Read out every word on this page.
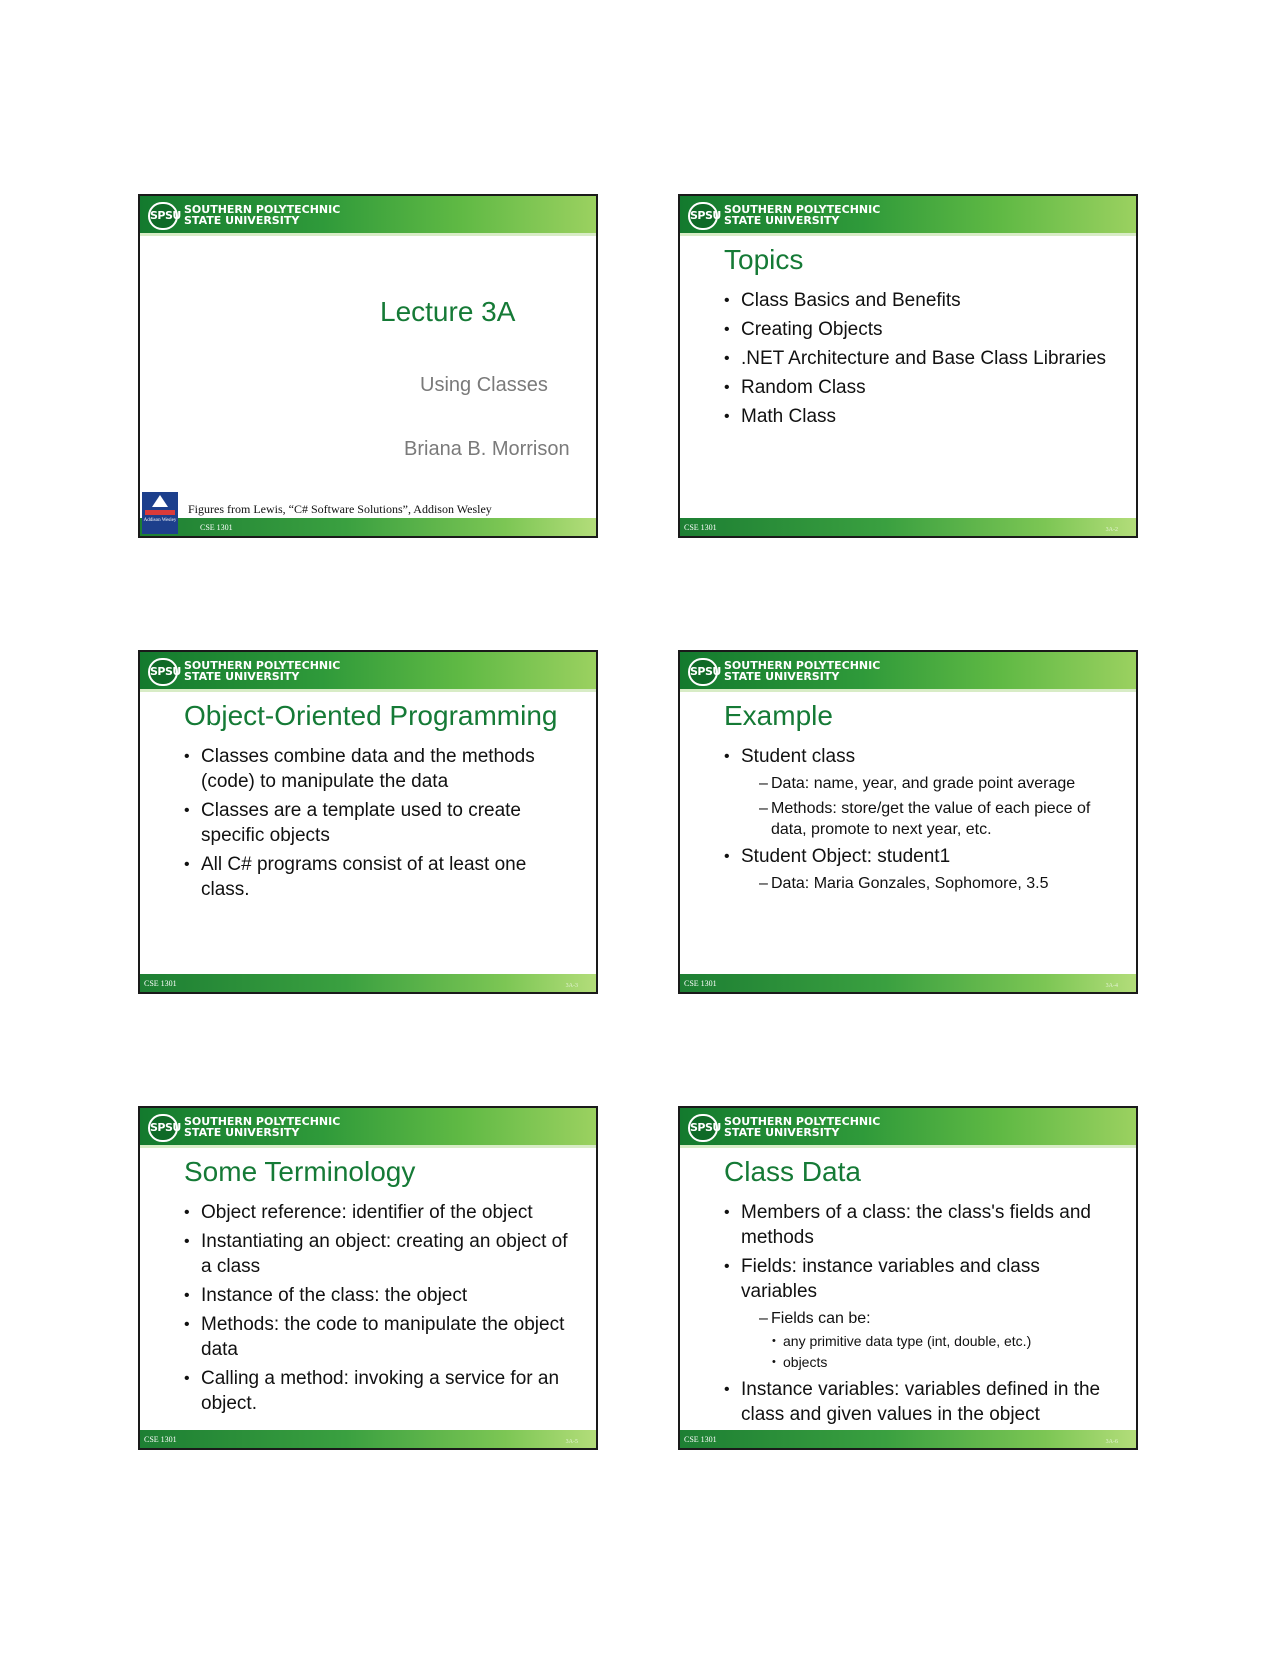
SPSU SOUTHERN POLYTECHNIC
STATE UNIVERSITY
Lecture 3A
Using Classes
Briana B. Morrison
Figures from Lewis, “C# Software Solutions”, Addison Wesley
CSE 1301
Addison Wesley
SPSU SOUTHERN POLYTECHNIC
STATE UNIVERSITY
Topics
• Class Basics and Benefits
• Creating Objects
• .NET Architecture and Base Class Libraries
• Random Class
• Math Class
CSE 1301	3A-2
SPSU SOUTHERN POLYTECHNIC
STATE UNIVERSITY
Object-Oriented Programming
• Classes combine data and the methods (code) to manipulate the data
• Classes are a template used to create specific objects
• All C# programs consist of at least one class.
CSE 1301	3A-3
SPSU SOUTHERN POLYTECHNIC
STATE UNIVERSITY
Example
• Student class
– Data: name, year, and grade point average
– Methods: store/get the value of each piece of data, promote to next year, etc.
• Student Object: student1
– Data: Maria Gonzales, Sophomore, 3.5
CSE 1301	3A-4
SPSU SOUTHERN POLYTECHNIC
STATE UNIVERSITY
Some Terminology
• Object reference: identifier of the object
• Instantiating an object: creating an object of a class
• Instance of the class: the object
• Methods: the code to manipulate the object data
• Calling a method: invoking a service for an object.
CSE 1301	3A-5
SPSU SOUTHERN POLYTECHNIC
STATE UNIVERSITY
Class Data
• Members of a class: the class's fields and methods
• Fields: instance variables and class variables
– Fields can be:
• any primitive data type (int, double, etc.)
• objects
• Instance variables: variables defined in the class and given values in the object
CSE 1301	3A-6
